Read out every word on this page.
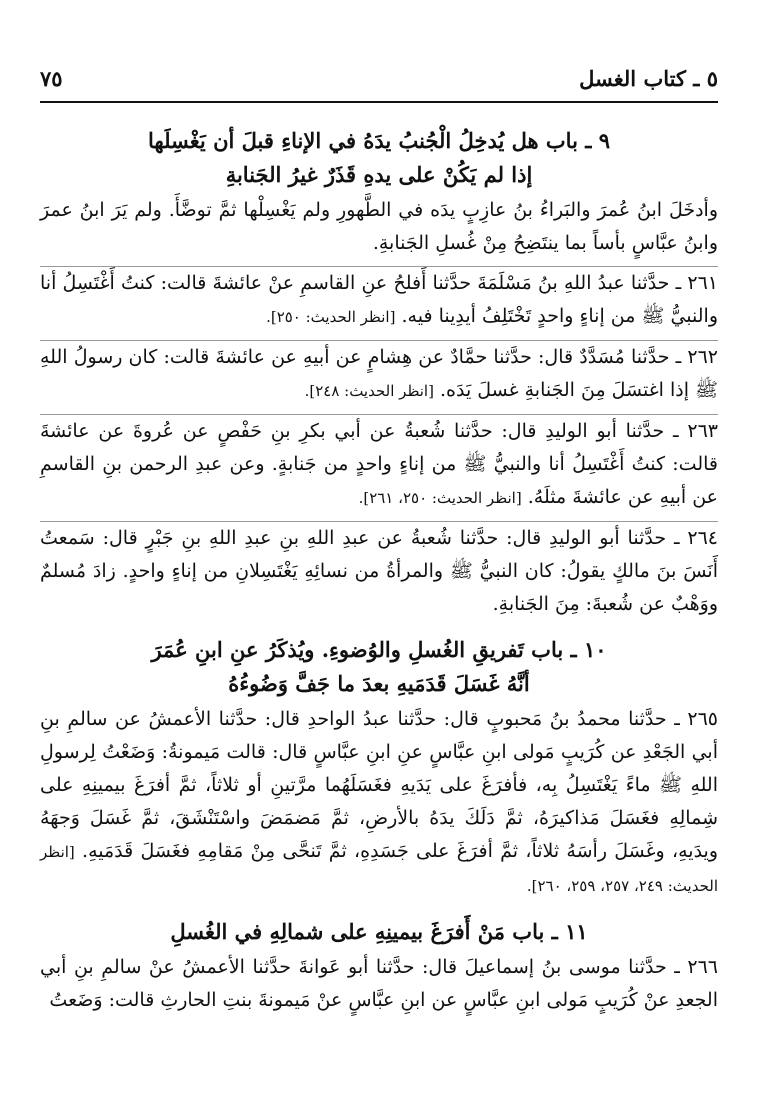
٥ ـ كتاب الغسل
٧٥
٩ ـ باب هل يُدخِلُ الْجُنبُ يدَهُ في الإناءِ قبلَ أن يَغْسِلَها
إذا لم يَكُنْ على يدهِ قَذَرٌ غيرُ الجَنابةِ

وأدخَلَ ابنُ عُمرَ والبَراءُ بنُ عازِبٍ يدَه في الطَّهورِ ولم يَغْسِلْها ثمَّ توضَّأَ. ولم يَرَ ابنُ عمرَ وابنُ عبَّاسٍ بأساً بما ينتَضِحُ مِنْ غُسلِ الجَنابةِ.

٢٦١ ـ حدَّثنا عبدُ اللهِ بنُ مَسْلَمَةَ حدَّثنا أَفلحُ عنِ القاسمِ عنْ عائشةَ قالت: كنتُ أَغْتَسِلُ أنا والنبيُّ ﷺ من إناءٍ واحدٍ تَخْتَلِفُ أيدِينا فيه. [انظر الحديث: ٢٥٠].

٢٦٢ ـ حدَّثنا مُسَدَّدٌ قال: حدَّثنا حمَّادٌ عن هِشامٍ عن أبيهِ عن عائشةَ قالت: كان رسولُ اللهِ ﷺ إذا اغتسَلَ مِنَ الجَنابةِ غسلَ يَدَه. [انظر الحديث: ٢٤٨].

٢٦٣ ـ حدَّثنا أبو الوليدِ قال: حدَّثنا شُعبةُ عن أبي بكرِ بنِ حَفْصٍ عن عُروةَ عن عائشةَ قالت: كنتُ أَغْتَسِلُ أنا والنبيُّ ﷺ من إناءٍ واحدٍ من جَنابةٍ. وعن عبدِ الرحمن بنِ القاسمِ عن أبيهِ عن عائشةَ مثلَهُ. [انظر الحديث: ٢٥٠، ٢٦١].

٢٦٤ ـ حدَّثنا أبو الوليدِ قال: حدَّثنا شُعبةُ عن عبدِ اللهِ بنِ عبدِ اللهِ بنِ جَبْرٍ قال: سَمعتُ أَنَسَ بنَ مالكٍ يقولُ: كان النبيُّ ﷺ والمرأةُ من نسائِهِ يَغْتَسِلانِ من إناءٍ واحدٍ. زادَ مُسلمٌ ووَهْبٌ عن شُعبةَ: مِنَ الجَنابةِ.

١٠ ـ باب تَفريقِ الغُسلِ والوُضوءِ. ويُذكَرُ عنِ ابنِ عُمَرَ
أنَّهُ غَسَلَ قَدَمَيهِ بعدَ ما جَفَّ وَضُوءُهُ

٢٦٥ ـ حدَّثنا محمدُ بنُ مَحبوبٍ قال: حدَّثنا عبدُ الواحدِ قال: حدَّثنا الأعمشُ عن سالمِ بنِ أبي الجَعْدِ عن كُرَيبٍ مَولى ابنِ عبَّاسٍ عنِ ابنِ عبَّاسٍ قال: قالت مَيمونةُ: وَضَعْتُ لِرسولِ اللهِ ﷺ ماءً يَغْتَسِلُ بِه، فأفرَغَ على يَدَيهِ فغَسَلَهُما مرَّتينِ أو ثلاثاً، ثمَّ أفرَغَ بيمينِهِ على شِمالِهِ فغَسَلَ مَذاكيرَهُ، ثمَّ دَلَكَ يدَهُ بالأرضِ، ثمَّ مَضمَضَ واسْتَنْشَقَ، ثمَّ غَسَلَ وَجهَهُ ويدَيهِ، وغَسَلَ رأسَهُ ثلاثاً، ثمَّ أفرَغَ على جَسَدِهِ، ثمَّ تَنحَّى مِنْ مَقامِهِ فغَسَلَ قَدَمَيهِ. [انظر الحديث: ٢٤٩، ٢٥٧، ٢٥٩، ٢٦٠].

١١ ـ باب مَنْ أَفرَغَ بيمينِهِ على شمالِهِ في الغُسلِ

٢٦٦ ـ حدَّثنا موسى بنُ إسماعيلَ قال: حدَّثنا أبو عَوانةَ حدَّثنا الأعمشُ عنْ سالمِ بنِ أبي الجعدِ عنْ كُرَيبٍ مَولى ابنِ عبَّاسٍ عن ابنِ عبَّاسٍ عنْ مَيمونةَ بنتِ الحارثِ قالت: وَضَعتُ
